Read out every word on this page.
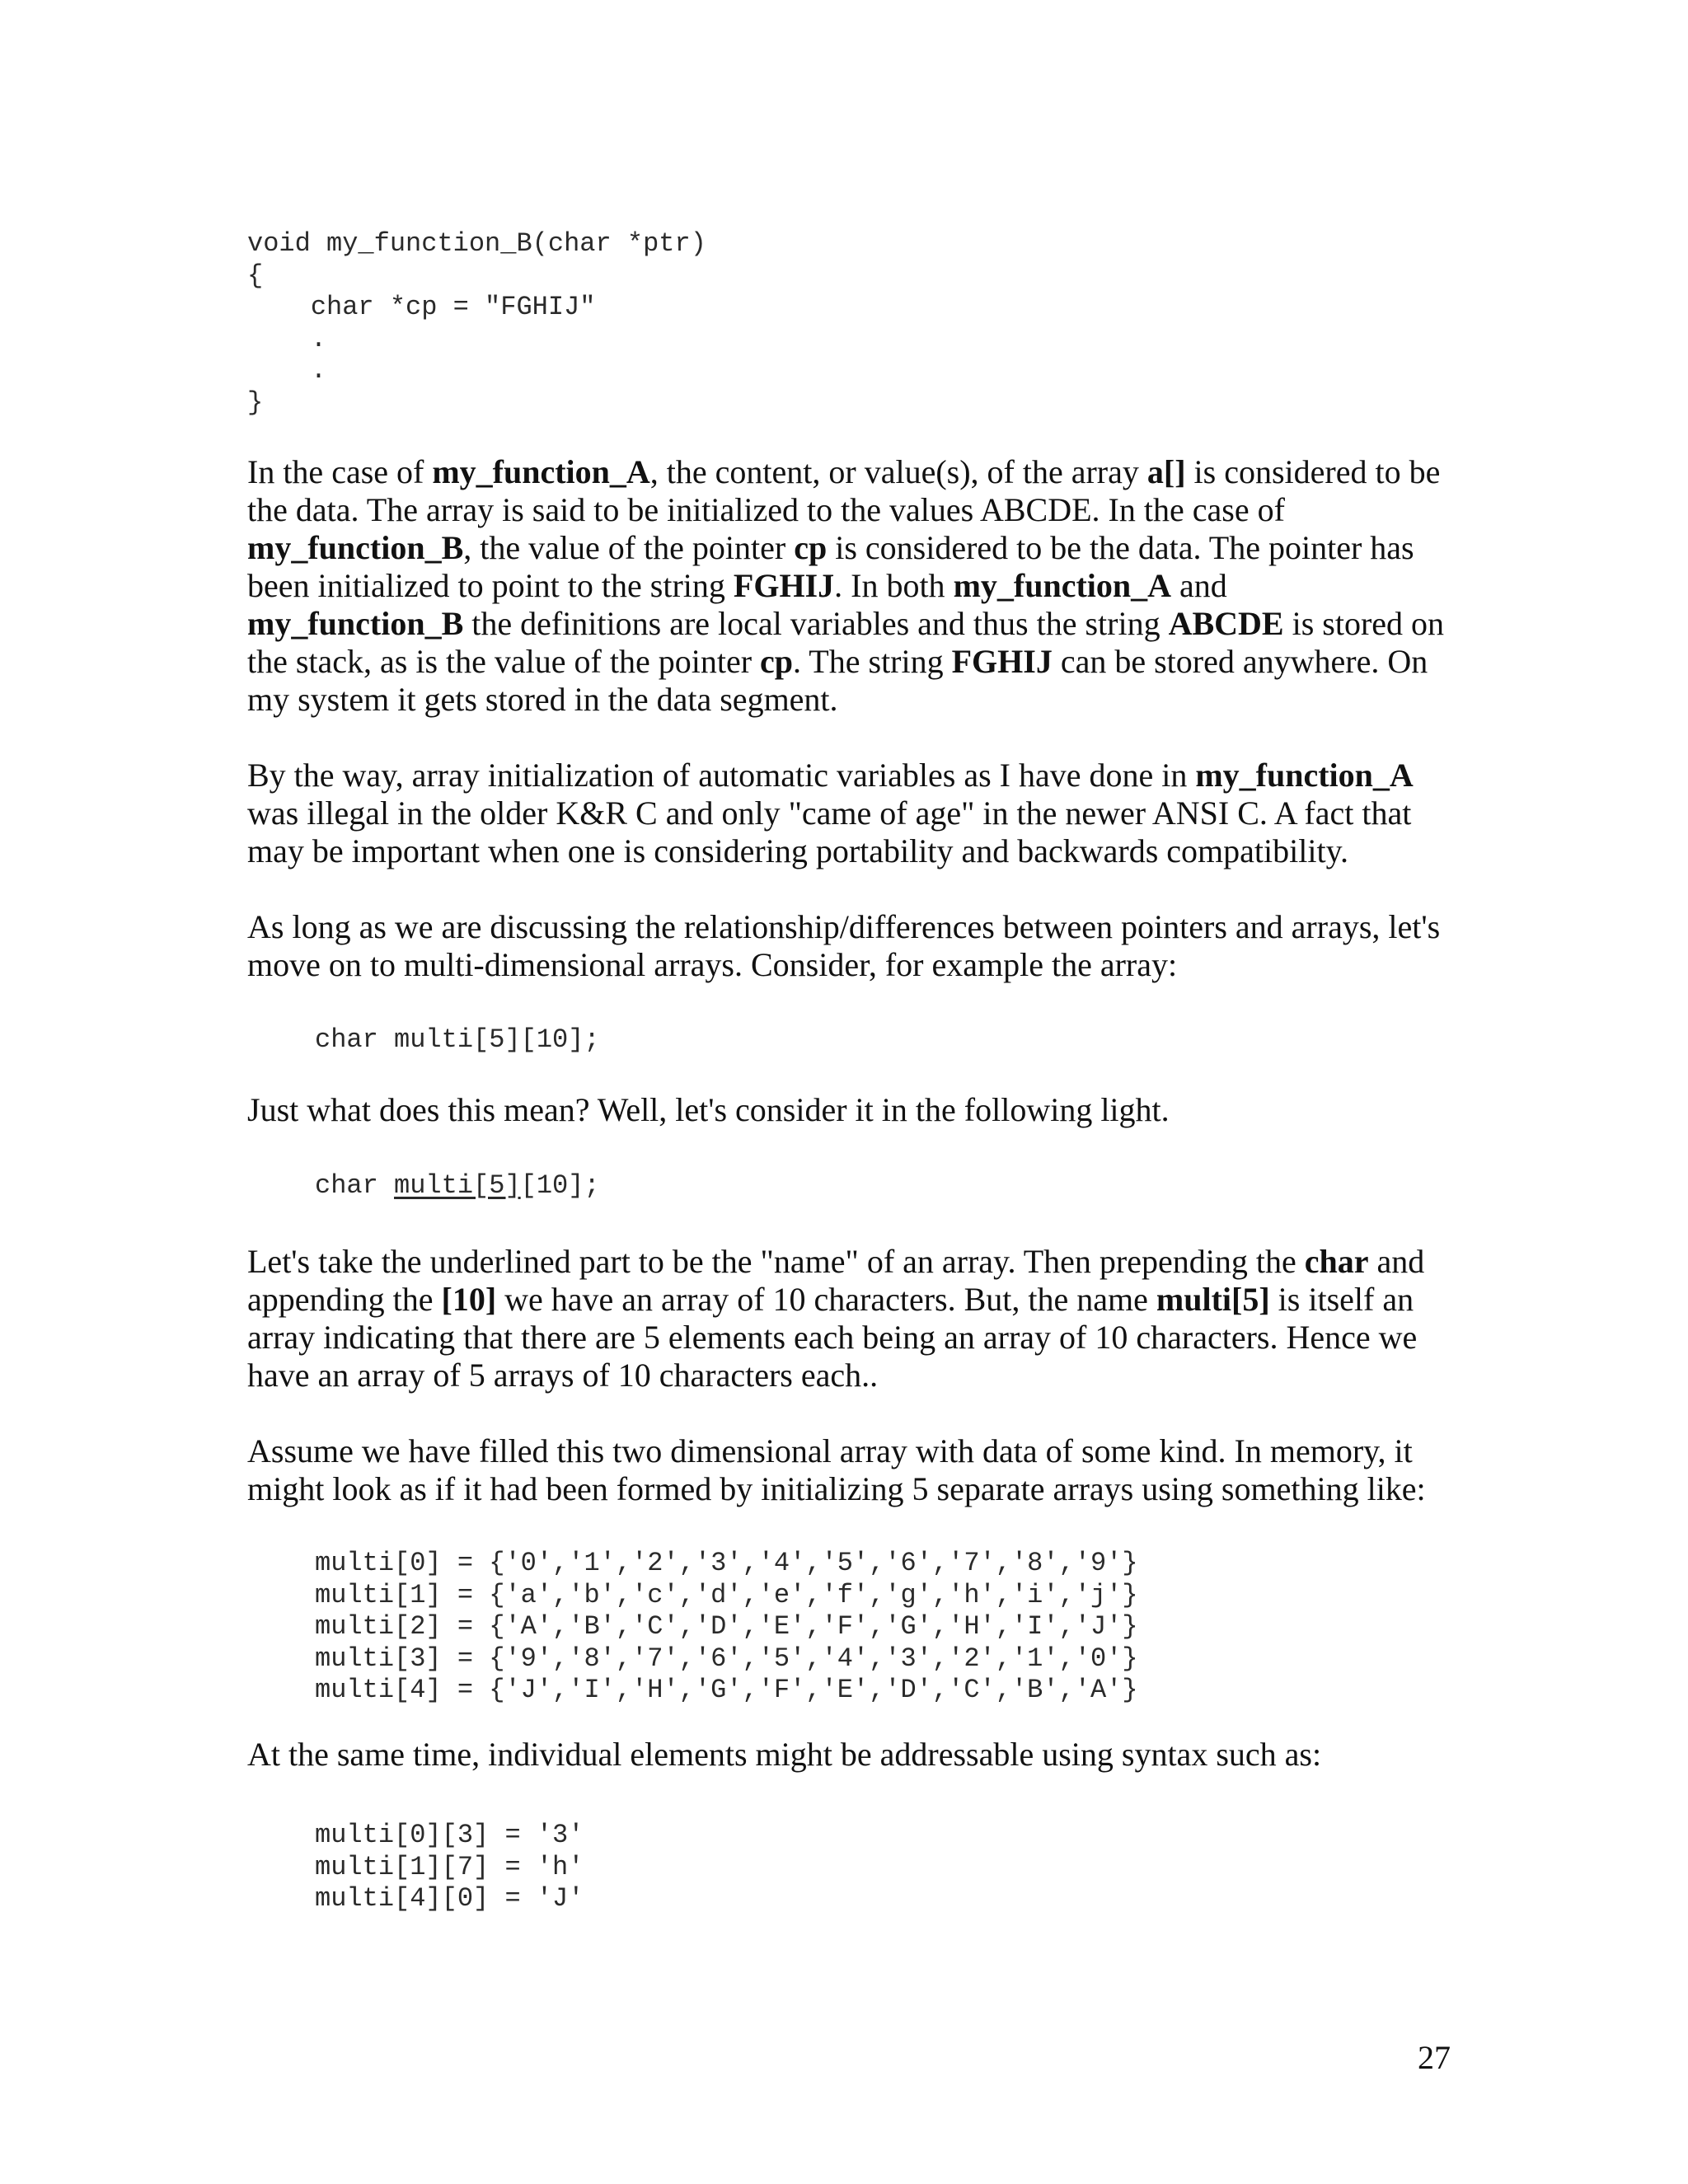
void my_function_B(char *ptr)
{
char *cp = "FGHIJ"
.
.
}

In the case of my_function_A, the content, or value(s), of the array a[] is considered to be the data. The array is said to be initialized to the values ABCDE. In the case of my_function_B, the value of the pointer cp is considered to be the data. The pointer has been initialized to point to the string FGHIJ. In both my_function_A and my_function_B the definitions are local variables and thus the string ABCDE is stored on the stack, as is the value of the pointer cp. The string FGHIJ can be stored anywhere. On my system it gets stored in the data segment.

By the way, array initialization of automatic variables as I have done in my_function_A was illegal in the older K&R C and only "came of age" in the newer ANSI C. A fact that may be important when one is considering portability and backwards compatibility.

As long as we are discussing the relationship/differences between pointers and arrays, let's move on to multi-dimensional arrays. Consider, for example the array:

char multi[5][10];

Just what does this mean? Well, let's consider it in the following light.

char multi[5][10];

Let's take the underlined part to be the "name" of an array. Then prepending the char and appending the [10] we have an array of 10 characters. But, the name multi[5] is itself an array indicating that there are 5 elements each being an array of 10 characters. Hence we have an array of 5 arrays of 10 characters each..

Assume we have filled this two dimensional array with data of some kind. In memory, it might look as if it had been formed by initializing 5 separate arrays using something like:

multi[0] = {'0','1','2','3','4','5','6','7','8','9'}
multi[1] = {'a','b','c','d','e','f','g','h','i','j'}
multi[2] = {'A','B','C','D','E','F','G','H','I','J'}
multi[3] = {'9','8','7','6','5','4','3','2','1','0'}
multi[4] = {'J','I','H','G','F','E','D','C','B','A'}

At the same time, individual elements might be addressable using syntax such as:

multi[0][3] = '3'
multi[1][7] = 'h'
multi[4][0] = 'J'
27
